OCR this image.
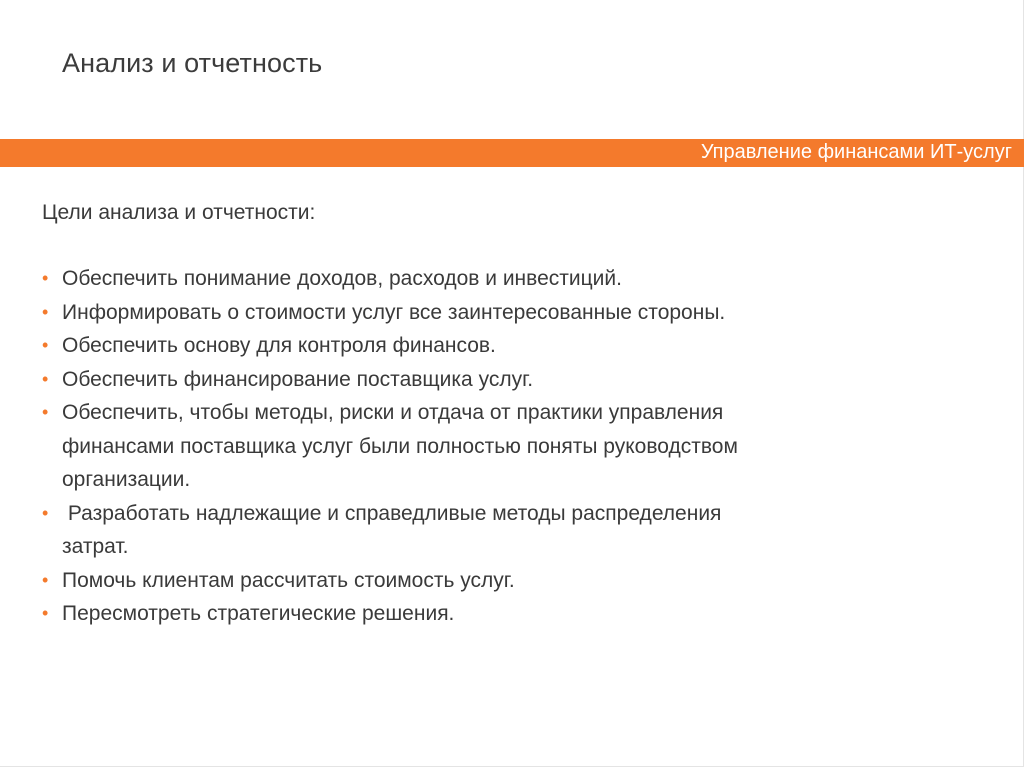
Анализ и отчетность
Управление финансами ИТ-услуг
Цели анализа и отчетности:
• Обеспечить понимание доходов, расходов и инвестиций.
• Информировать о стоимости услуг все заинтересованные стороны.
• Обеспечить основу для контроля финансов.
• Обеспечить финансирование поставщика услуг.
• Обеспечить, чтобы методы, риски и отдача от практики управления
финансами поставщика услуг были полностью поняты руководством
организации.
• Разработать надлежащие и справедливые методы распределения
затрат.
• Помочь клиентам рассчитать стоимость услуг.
• Пересмотреть стратегические решения.
